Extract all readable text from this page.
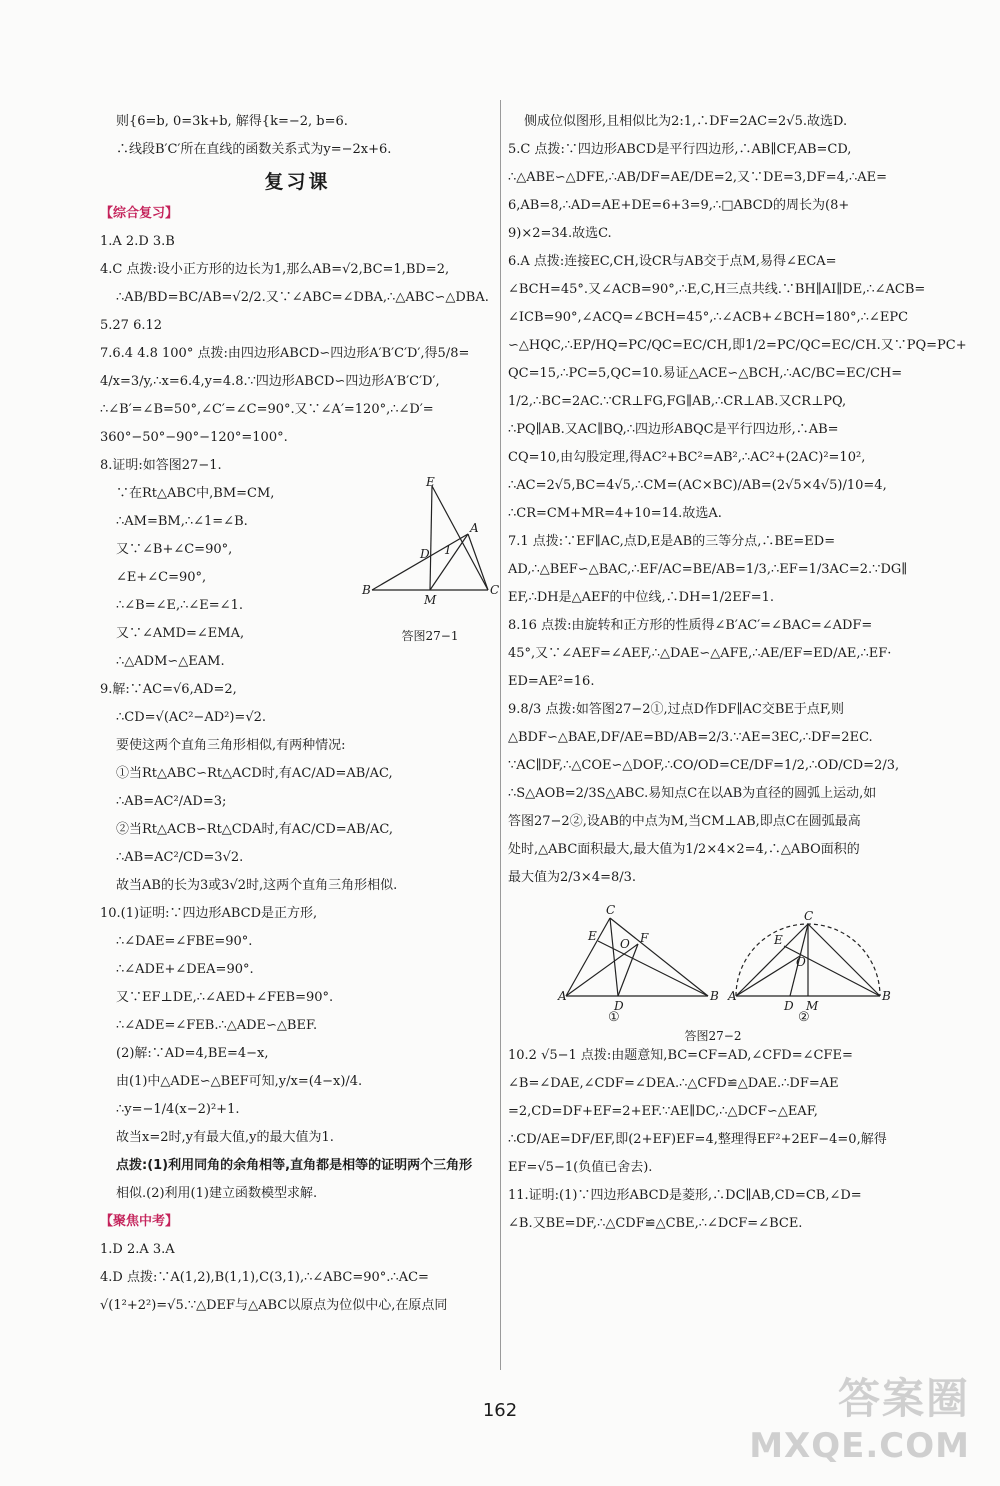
则{6=b, 0=3k+b, 解得{k=−2, b=6.

∴线段B′C′所在直线的函数关系式为y=−2x+6.

复习课

【综合复习】

1.A 2.D 3.B

4.C 点拨:设小正方形的边长为1,那么AB=√2,BC=1,BD=2,

∴AB/BD=BC/AB=√2/2.又∵∠ABC=∠DBA,∴△ABC∽△DBA.

5.27 6.12

7.6.4 4.8 100° 点拨:由四边形ABCD∽四边形A′B′C′D′,得5/8=

4/x=3/y,∴x=6.4,y=4.8.∵四边形ABCD∽四边形A′B′C′D′,

∴∠B′=∠B=50°,∠C′=∠C=90°.又∵∠A′=120°,∴∠D′=

360°−50°−90°−120°=100°.

8.证明:如答图27−1.

∵在Rt△ABC中,BM=CM,

∴AM=BM,∴∠1=∠B.

又∵∠B+∠C=90°,

∠E+∠C=90°,

∴∠B=∠E,∴∠E=∠1.

又∵∠AMD=∠EMA,

∴△ADM∽△EAM.

9.解:∵AC=√6,AD=2,

∴CD=√(AC²−AD²)=√2.

要使这两个直角三角形相似,有两种情况:

①当Rt△ABC∽Rt△ACD时,有AC/AD=AB/AC,

∴AB=AC²/AD=3;

②当Rt△ACB∽Rt△CDA时,有AC/CD=AB/AC,

∴AB=AC²/CD=3√2.

故当AB的长为3或3√2时,这两个直角三角形相似.

10.(1)证明:∵四边形ABCD是正方形,

∴∠DAE=∠FBE=90°.

∴∠ADE+∠DEA=90°.

又∵EF⊥DE,∴∠AED+∠FEB=90°.

∴∠ADE=∠FEB.∴△ADE∽△BEF.

(2)解:∵AD=4,BE=4−x,

由(1)中△ADE∽△BEF可知,y/x=(4−x)/4.

∴y=−1/4(x−2)²+1.

故当x=2时,y有最大值,y的最大值为1.

点拨:(1)利用同角的余角相等,直角都是相等的证明两个三角形

相似.(2)利用(1)建立函数模型求解.

【聚焦中考】

1.D 2.A 3.A

4.D 点拨:∵A(1,2),B(1,1),C(3,1),∴∠ABC=90°.∴AC=

√(1²+2²)=√5.∵△DEF与△ABC以原点为位似中心,在原点同

E
D 1
A
B
M
C
答图27−1

侧成位似图形,且相似比为2:1,∴DF=2AC=2√5.故选D.

5.C 点拨:∵四边形ABCD是平行四边形,∴AB∥CF,AB=CD,

∴△ABE∽△DFE,∴AB/DF=AE/DE=2,又∵DE=3,DF=4,∴AE=

6,AB=8,∴AD=AE+DE=6+3=9,∴□ABCD的周长为(8+

9)×2=34.故选C.

6.A 点拨:连接EC,CH,设CR与AB交于点M,易得∠ECA=

∠BCH=45°.又∠ACB=90°,∴E,C,H三点共线.∵BH∥AI∥DE,∴∠ACB=

∠ICB=90°,∠ACQ=∠BCH=45°,∴∠ACB+∠BCH=180°,∴∠EPC

∽△HQC,∴EP/HQ=PC/QC=EC/CH,即1/2=PC/QC=EC/CH.又∵PQ=PC+

QC=15,∴PC=5,QC=10.易证△ACE∽△BCH,∴AC/BC=EC/CH=

1/2,∴BC=2AC.∵CR⊥FG,FG∥AB,∴CR⊥AB.又CR⊥PQ,

∴PQ∥AB.又AC∥BQ,∴四边形ABQC是平行四边形,∴AB=

CQ=10,由勾股定理,得AC²+BC²=AB²,∴AC²+(2AC)²=10²,

∴AC=2√5,BC=4√5,∴CM=(AC×BC)/AB=(2√5×4√5)/10=4,

∴CR=CM+MR=4+10=14.故选A.

7.1 点拨:∵EF∥AC,点D,E是AB的三等分点,∴BE=ED=

AD,∴△BEF∽△BAC,∴EF/AC=BE/AB=1/3,∴EF=1/3AC=2.∵DG∥

EF,∴DH是△AEF的中位线,∴DH=1/2EF=1.

8.16 点拨:由旋转和正方形的性质得∠B′AC′=∠BAC=∠ADF=

45°,又∵∠AEF=∠AEF,∴△DAE∽△AFE,∴AE/EF=ED/AE,∴EF·

ED=AE²=16.

9.8/3 点拨:如答图27−2①,过点D作DF∥AC交BE于点F,则

△BDF∽△BAE,DF/AE=BD/AB=2/3.∵AE=3EC,∴DF=2EC.

∵AC∥DF,∴△COE∽△DOF,∴CO/OD=CE/DF=1/2,∴OD/CD=2/3,

∴S△AOB=2/3S△ABC.易知点C在以AB为直径的圆弧上运动,如

答图27−2②,设AB的中点为M,当CM⊥AB,即点C在圆弧最高

处时,△ABC面积最大,最大值为1/2×4×2=4,∴△ABO面积的

最大值为2/3×4=8/3.

C
E
O F
A
D
B
C
E
O
A
D M
B
①	②
答图27−2

10.2 √5−1 点拨:由题意知,BC=CF=AD,∠CFD=∠CFE=

∠B=∠DAE,∠CDF=∠DEA.∴△CFD≌△DAE.∴DF=AE

=2,CD=DF+EF=2+EF.∵AE∥DC,∴△DCF∽△EAF,

∴CD/AE=DF/EF,即(2+EF)EF=4,整理得EF²+2EF−4=0,解得

EF=√5−1(负值已舍去).

11.证明:(1)∵四边形ABCD是菱形,∴DC∥AB,CD=CB,∠D=

∠B.又BE=DF,∴△CDF≌△CBE,∴∠DCF=∠BCE.

162	答案圈
MXQE.COM
